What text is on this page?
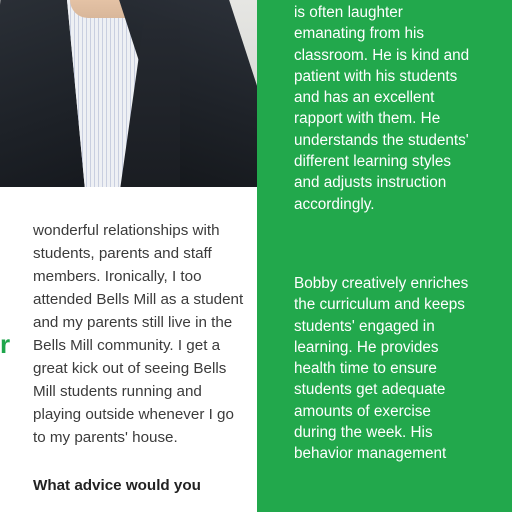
r

wonderful relationships with students, parents and staff members. Ironically, I too attended Bells Mill as a student and my parents still live in the Bells Mill community. I get a great kick out of seeing Bells Mill students running and playing outside whenever I go to my parents' house.

What advice would you

is often laughter emanating from his classroom. He is kind and patient with his students and has an excellent rapport with them. He understands the students' different learning styles and adjusts instruction accordingly.

Bobby creatively enriches the curriculum and keeps students' engaged in learning. He provides health time to ensure students get adequate amounts of exercise during the week. His behavior management
